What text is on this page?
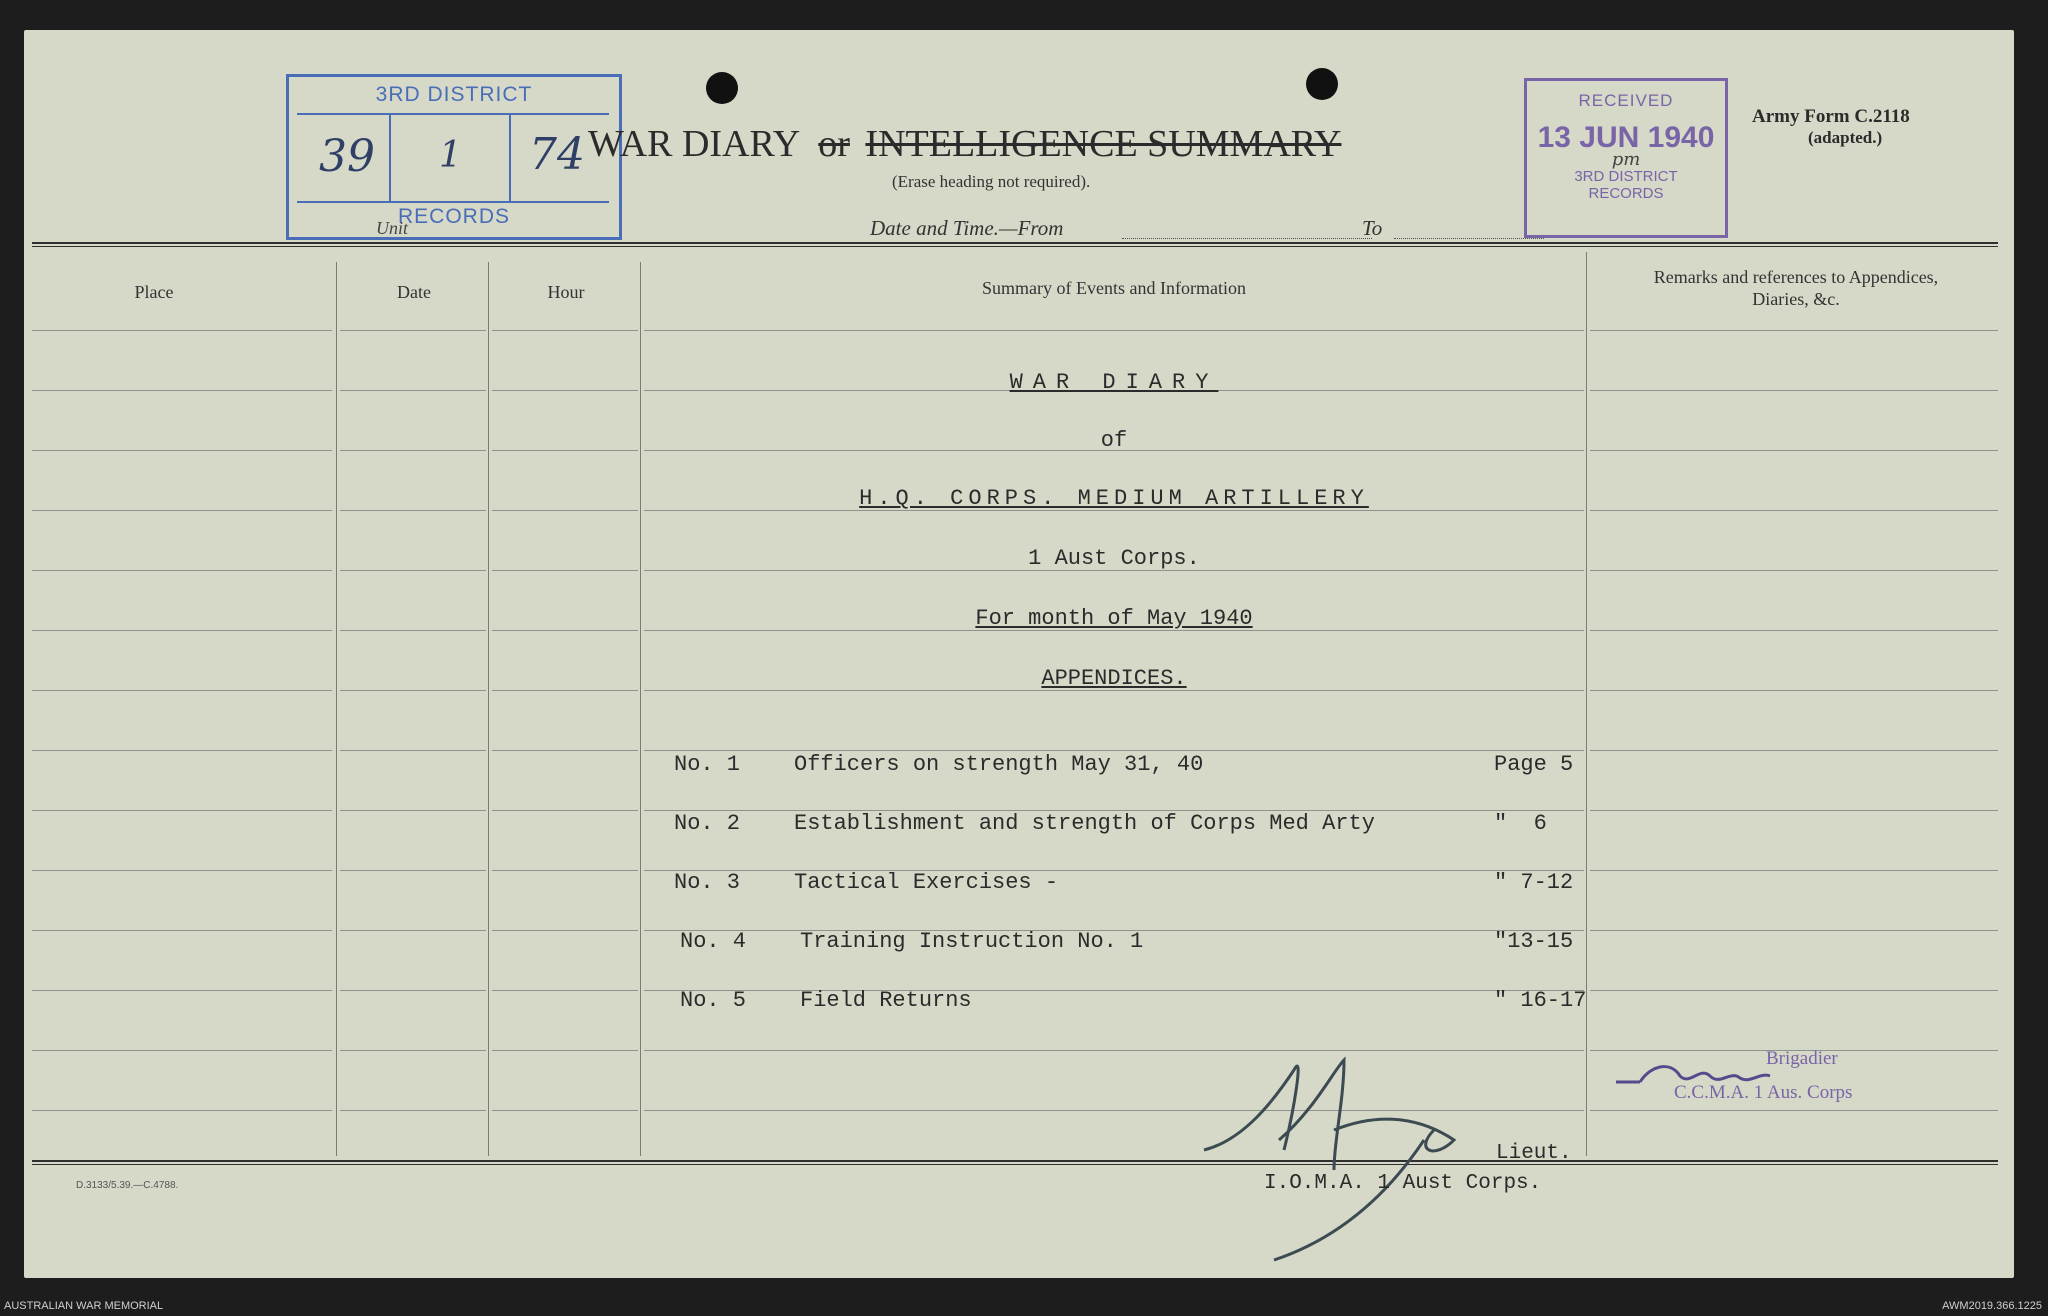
3RD DISTRICT
39 1 74
RECORDS
WAR DIARY or INTELLIGENCE SUMMARY
(Erase heading not required).
Unit	Date and Time.—From	To
RECEIVED
13 JUN 1940
pm
3RD DISTRICT
RECORDS
Army Form C.2118
(adapted.)
Place	Date	Hour	Summary of Events and Information
Remarks and references to Appendices, Diaries, &c.
WAR DIARY
of
H.Q. CORPS. MEDIUM ARTILLERY
1 Aust Corps.
For month of May 1940
APPENDICES.
No. 1 Officers on strength May 31, 40	Page 5
No. 2 Establishment and strength of Corps Med Arty	"  6
No. 3 Tactical Exercises -	" 7-12
No. 4 Training Instruction No. 1	"13-15
No. 5 Field Returns	" 16-17
Lieut.
I.O.M.A. 1 Aust Corps.
Brigadier
C.C.M.A. 1 Aus. Corps
D.3133/5.39.—C.4788.
AUSTRALIAN WAR MEMORIAL	AWM2019.366.1225
